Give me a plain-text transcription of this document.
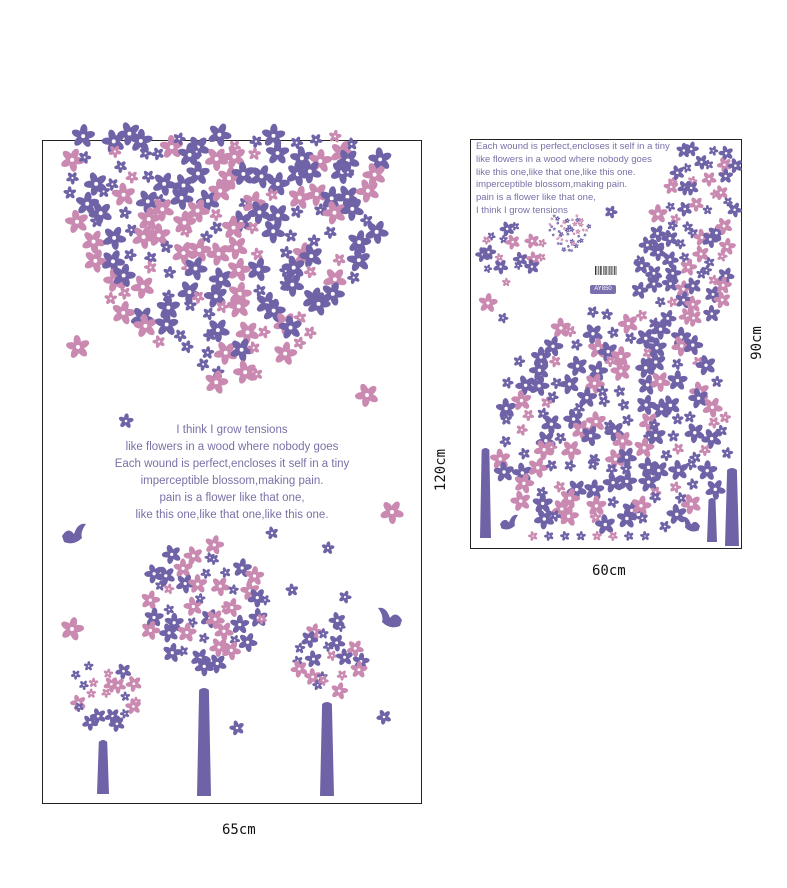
I think I grow tensions
like flowers in a wood where nobody goes
Each wound is perfect,encloses it self in a tiny
imperceptible blossom,making pain.
pain is a flower like that one,
like this one,like that one,like this one.
Each wound is perfect,encloses it self in a tiny
like flowers in a wood where nobody goes
like this one,like that one,like this one.
imperceptible blossom,making pain.
pain is a flower like that one,
I think I grow tensions
AY850
65cm
120cm
60cm
90cm
